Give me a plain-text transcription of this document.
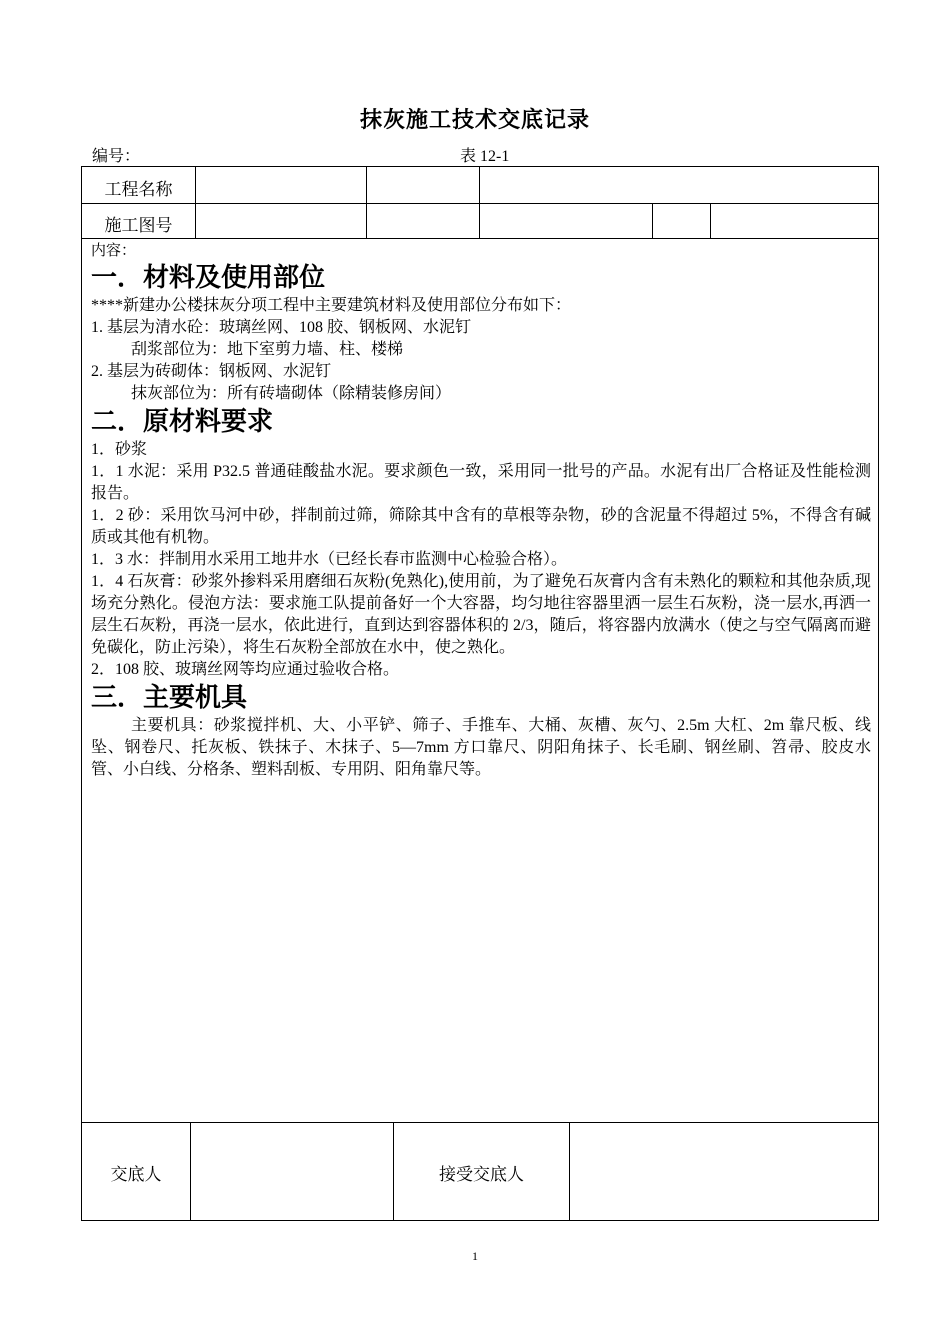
抹灰施工技术交底记录
编号：	表 12-1
工程名称
施工图号

内容：

一．材料及使用部位

****新建办公楼抹灰分项工程中主要建筑材料及使用部位分布如下：

1. 基层为清水砼：玻璃丝网、108 胶、钢板网、水泥钉

刮浆部位为：地下室剪力墙、柱、楼梯

2. 基层为砖砌体：钢板网、水泥钉

抹灰部位为：所有砖墙砌体（除精装修房间）

二．原材料要求

1．砂浆

1．1 水泥：采用 P32.5 普通硅酸盐水泥。要求颜色一致，采用同一批号的产品。水泥有出厂合格证及性能检测报告。

1．2 砂：采用饮马河中砂，拌制前过筛，筛除其中含有的草根等杂物，砂的含泥量不得超过 5%，不得含有碱质或其他有机物。

1．3 水：拌制用水采用工地井水（已经长春市监测中心检验合格）。

1．4 石灰膏：砂浆外掺料采用磨细石灰粉(免熟化),使用前，为了避免石灰膏内含有未熟化的颗粒和其他杂质,现场充分熟化。侵泡方法：要求施工队提前备好一个大容器，均匀地往容器里洒一层生石灰粉，浇一层水,再洒一层生石灰粉，再浇一层水，依此进行，直到达到容器体积的 2/3，随后，将容器内放满水（使之与空气隔离而避免碳化，防止污染），将生石灰粉全部放在水中，使之熟化。

2．108 胶、玻璃丝网等均应通过验收合格。

三．主要机具

主要机具：砂浆搅拌机、大、小平铲、筛子、手推车、大桶、灰槽、灰勺、2.5m 大杠、2m 靠尺板、线坠、钢卷尺、托灰板、铁抹子、木抹子、5—7mm 方口靠尺、阴阳角抹子、长毛刷、钢丝刷、笤帚、胶皮水管、小白线、分格条、塑料刮板、专用阴、阳角靠尺等。

交底人	接受交底人
1
